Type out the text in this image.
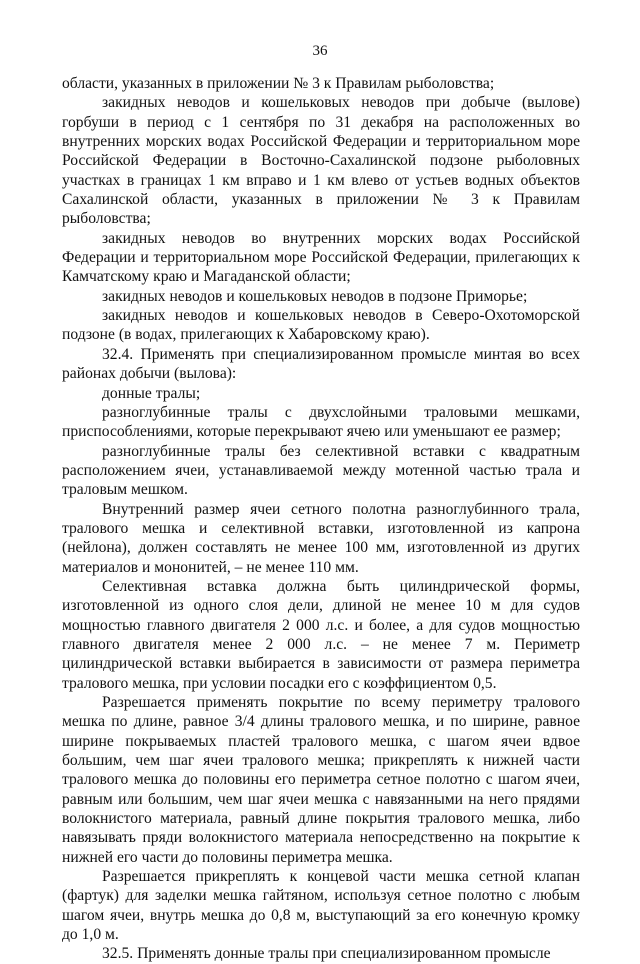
36

области, указанных в приложении № 3 к Правилам рыболовства;

закидных неводов и кошельковых неводов при добыче (вылове) горбуши в период с 1 сентября по 31 декабря на расположенных во внутренних морских водах Российской Федерации и территориальном море Российской Федерации в Восточно-Сахалинской подзоне рыболовных участках в границах 1 км вправо и 1 км влево от устьев водных объектов Сахалинской области, указанных в приложении № 3 к Правилам рыболовства;

закидных неводов во внутренних морских водах Российской Федерации и территориальном море Российской Федерации, прилегающих к Камчатскому краю и Магаданской области;

закидных неводов и кошельковых неводов в подзоне Приморье;

закидных неводов и кошельковых неводов в Северо-Охотоморской подзоне (в водах, прилегающих к Хабаровскому краю).

32.4. Применять при специализированном промысле минтая во всех районах добычи (вылова):

донные тралы;

разноглубинные тралы с двухслойными траловыми мешками, приспособлениями, которые перекрывают ячею или уменьшают ее размер;

разноглубинные тралы без селективной вставки с квадратным расположением ячеи, устанавливаемой между мотенной частью трала и траловым мешком.

Внутренний размер ячеи сетного полотна разноглубинного трала, тралового мешка и селективной вставки, изготовленной из капрона (нейлона), должен составлять не менее 100 мм, изготовленной из других материалов и мононитей, – не менее 110 мм.

Селективная вставка должна быть цилиндрической формы, изготовленной из одного слоя дели, длиной не менее 10 м для судов мощностью главного двигателя 2 000 л.с. и более, а для судов мощностью главного двигателя менее 2 000 л.с. – не менее 7 м. Периметр цилиндрической вставки выбирается в зависимости от размера периметра тралового мешка, при условии посадки его с коэффициентом 0,5.

Разрешается применять покрытие по всему периметру тралового мешка по длине, равное 3/4 длины тралового мешка, и по ширине, равное ширине покрываемых пластей тралового мешка, с шагом ячеи вдвое большим, чем шаг ячеи тралового мешка; прикреплять к нижней части тралового мешка до половины его периметра сетное полотно с шагом ячеи, равным или большим, чем шаг ячеи мешка с навязанными на него прядями волокнистого материала, равный длине покрытия тралового мешка, либо навязывать пряди волокнистого материала непосредственно на покрытие к нижней его части до половины периметра мешка.

Разрешается прикреплять к концевой части мешка сетной клапан (фартук) для заделки мешка гайтяном, используя сетное полотно с любым шагом ячеи, внутрь мешка до 0,8 м, выступающий за его конечную кромку до 1,0 м.

32.5. Применять донные тралы при специализированном промысле
